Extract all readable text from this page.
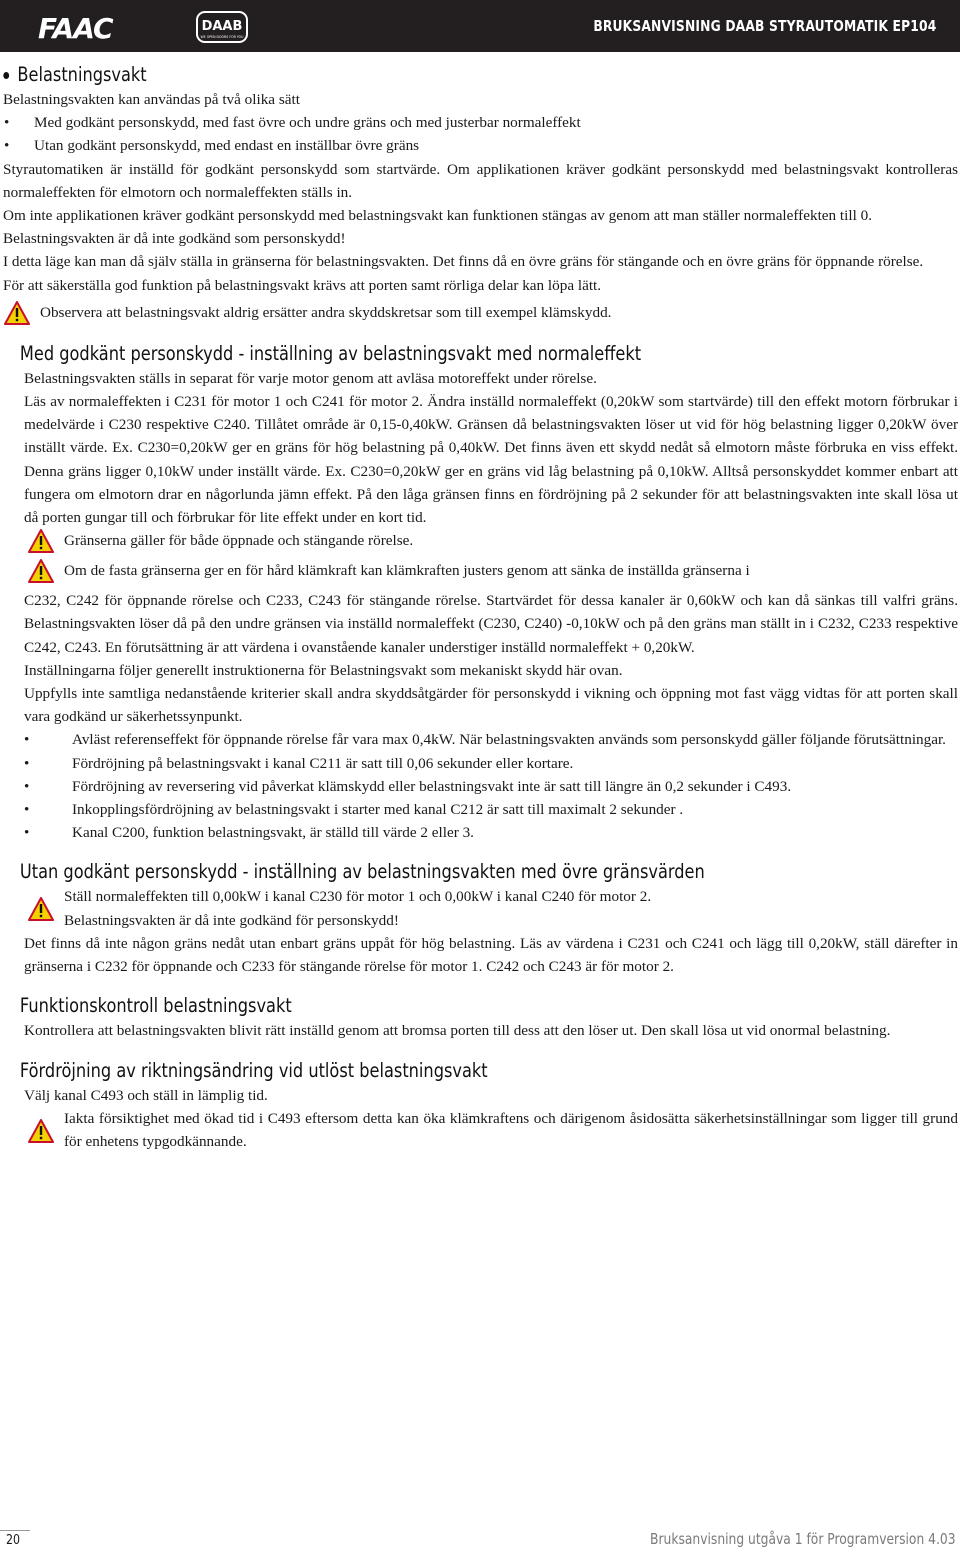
FAAC	DAAB
WE OPEN DOORS FOR YOU
BRUKSANVISNING DAAB STYRAUTOMATIK EP104
Belastningsvakt

Belastningsvakten kan användas på två olika sätt

•	Med godkänt personskydd, med fast övre och undre gräns och med justerbar normaleffekt
•	Utan godkänt personskydd, med endast en inställbar övre gräns

Styrautomatiken är inställd för godkänt personskydd som startvärde. Om applikationen kräver godkänt personskydd med belastningsvakt kontrolleras normaleffekten för elmotorn och normaleffekten ställs in.

Om inte applikationen kräver godkänt personskydd med belastningsvakt kan funktionen stängas av genom att man ställer normaleffekten till 0.

Belastningsvakten är då inte godkänd som personskydd!

I detta läge kan man då själv ställa in gränserna för belastningsvakten. Det finns då en övre gräns för stängande och en övre gräns för öppnande rörelse.

För att säkerställa god funktion på belastningsvakt krävs att porten samt rörliga delar kan löpa lätt.

Observera att belastningsvakt aldrig ersätter andra skyddskretsar som till exempel klämskydd.
Med godkänt personskydd - inställning av belastningsvakt med normaleffekt

Belastningsvakten ställs in separat för varje motor genom att avläsa motoreffekt under rörelse.

Läs av normaleffekten i C231 för motor 1 och C241 för motor 2. Ändra inställd normaleffekt (0,20kW som startvärde) till den effekt motorn förbrukar i medelvärde i C230 respektive C240. Tillåtet område är 0,15-0,40kW. Gränsen då belastningsvakten löser ut vid för hög belastning ligger 0,20kW över inställt värde. Ex. C230=0,20kW ger en gräns för hög belastning på 0,40kW. Det finns även ett skydd nedåt så elmotorn måste förbruka en viss effekt. Denna gräns ligger 0,10kW under inställt värde. Ex. C230=0,20kW ger en gräns vid låg belastning på 0,10kW. Alltså personskyddet kommer enbart att fungera om elmotorn drar en någorlunda jämn effekt. På den låga gränsen finns en fördröjning på 2 sekunder för att belastningsvakten inte skall lösa ut då porten gungar till och förbrukar för lite effekt under en kort tid.

Gränserna gäller för både öppnade och stängande rörelse.
Om de fasta gränserna ger en för hård klämkraft kan klämkraften justers genom att sänka de inställda gränserna i

C232, C242 för öppnande rörelse och C233, C243 för stängande rörelse. Startvärdet för dessa kanaler är 0,60kW och kan då sänkas till valfri gräns. Belastningsvakten löser då på den undre gränsen via inställd normaleffekt (C230, C240) -0,10kW och på den gräns man ställt in i C232, C233 respektive C242, C243. En förutsättning är att värdena i ovanstående kanaler understiger inställd normaleffekt + 0,20kW.

Inställningarna följer generellt instruktionerna för Belastningsvakt som mekaniskt skydd här ovan.

Uppfylls inte samtliga nedanstående kriterier skall andra skyddsåtgärder för personskydd i vikning och öppning mot fast vägg vidtas för att porten skall vara godkänd ur säkerhetssynpunkt.

•	Avläst referenseffekt för öppnande rörelse får vara max 0,4kW. När belastningsvakten används som personskydd gäller följande förutsättningar.
•	Fördröjning på belastningsvakt i kanal C211 är satt till 0,06 sekunder eller kortare.
•	Fördröjning av reversering vid påverkat klämskydd eller belastningsvakt inte är satt till längre än 0,2 sekunder i C493.
•	Inkopplingsfördröjning av belastningsvakt i starter med kanal C212 är satt till maximalt 2 sekunder .
•	Kanal C200, funktion belastningsvakt, är ställd till värde 2 eller 3.
Utan godkänt personskydd - inställning av belastningsvakten med övre gränsvärden
Ställ normaleffekten till 0,00kW i kanal C230 för motor 1 och 0,00kW i kanal C240 för motor 2.
Belastningsvakten är då inte godkänd för personskydd!

Det finns då inte någon gräns nedåt utan enbart gräns uppåt för hög belastning. Läs av värdena i C231 och C241 och lägg till 0,20kW, ställ därefter in gränserna i C232 för öppnande och C233 för stängande rörelse för motor 1. C242 och C243 är för motor 2.

Funktionskontroll belastningsvakt

Kontrollera att belastningsvakten blivit rätt inställd genom att bromsa porten till dess att den löser ut. Den skall lösa ut vid onormal belastning.

Fördröjning av riktningsändring vid utlöst belastningsvakt

Välj kanal C493 och ställ in lämplig tid.

Iakta försiktighet med ökad tid i C493 eftersom detta kan öka klämkraftens och därigenom åsidosätta säkerhetsinställningar som ligger till grund för enhetens typgodkännande.
20	Bruksanvisning utgåva 1 för Programversion 4.03
